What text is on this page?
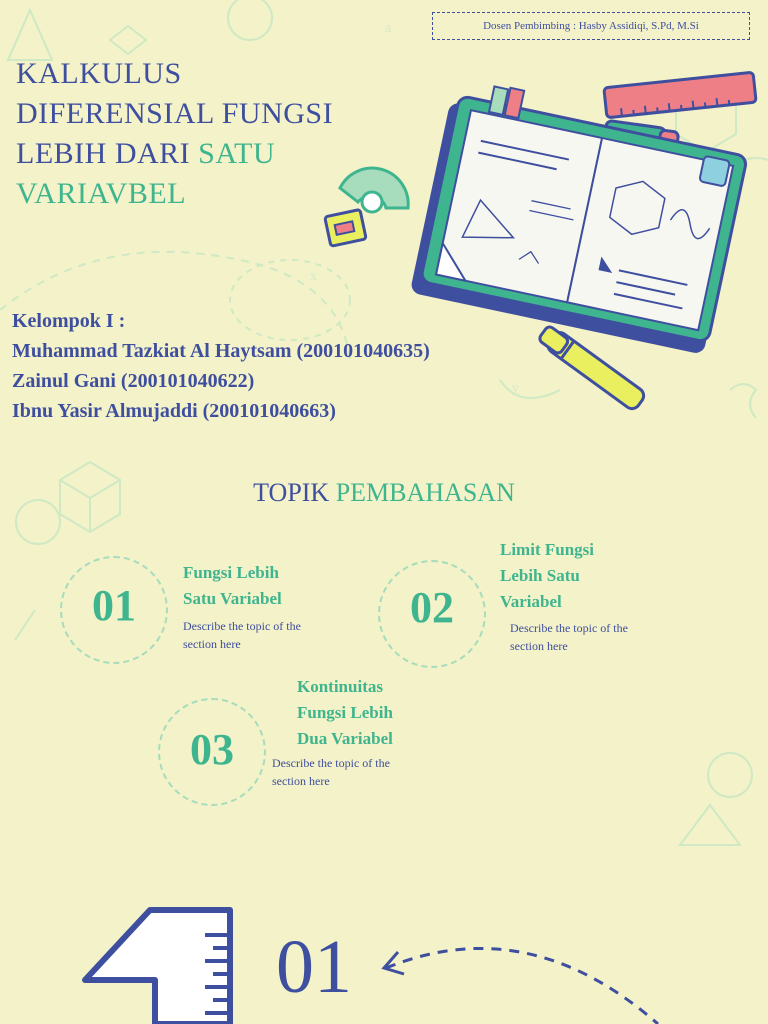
a
x
y
Dosen Pembimbing : Hasby Assidiqi, S.Pd, M.Si
KALKULUS
DIFERENSIAL FUNGSI
LEBIH DARI SATU
VARIAVBEL
Kelompok I :
Muhammad Tazkiat Al Haytsam (200101040635)
Zainul Gani (200101040622)
Ibnu Yasir Almujaddi (200101040663)
TOPIK PEMBAHASAN
01
Fungsi Lebih
Satu Variabel
Describe the topic of the
section here
02
Limit Fungsi
Lebih Satu
Variabel
Describe the topic of the
section here
03
Kontinuitas
Fungsi Lebih
Dua Variabel
Describe the topic of the
section here
01
